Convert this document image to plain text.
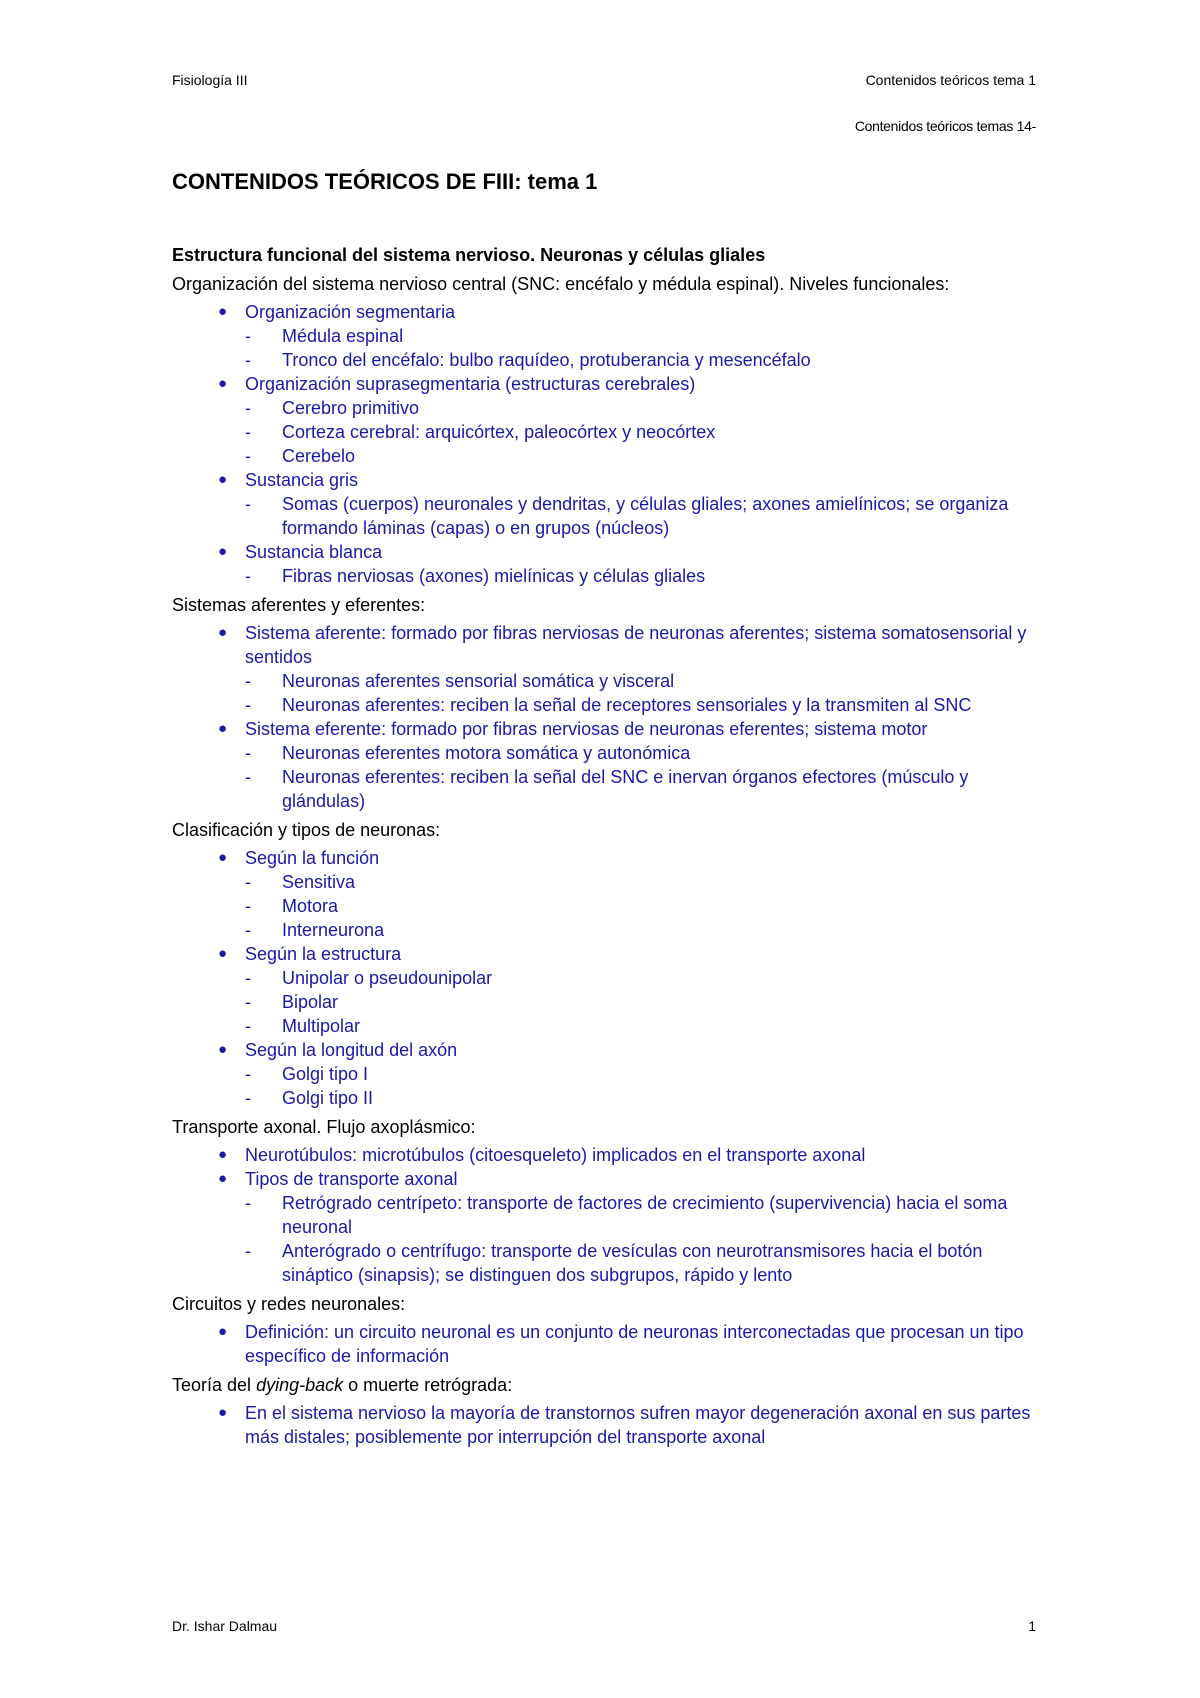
Fisiología III	Contenidos teóricos tema 1
Contenidos teóricos temas 14-
CONTENIDOS TEÓRICOS DE FIII: tema 1
Estructura funcional del sistema nervioso. Neuronas y células gliales

Organización del sistema nervioso central (SNC: encéfalo y médula espinal). Niveles funcionales:

● Organización segmentaria
- Médula espinal
- Tronco del encéfalo: bulbo raquídeo, protuberancia y mesencéfalo
● Organización suprasegmentaria (estructuras cerebrales)
- Cerebro primitivo
- Corteza cerebral: arquicórtex, paleocórtex y neocórtex
- Cerebelo
● Sustancia gris
- Somas (cuerpos) neuronales y dendritas, y células gliales; axones amielínicos; se organiza formando láminas (capas) o en grupos (núcleos)
● Sustancia blanca
- Fibras nerviosas (axones) mielínicas y células gliales

Sistemas aferentes y eferentes:

● Sistema aferente: formado por fibras nerviosas de neuronas aferentes; sistema somatosensorial y sentidos
- Neuronas aferentes sensorial somática y visceral
- Neuronas aferentes: reciben la señal de receptores sensoriales y la transmiten al SNC
● Sistema eferente: formado por fibras nerviosas de neuronas eferentes; sistema motor
- Neuronas eferentes motora somática y autonómica
- Neuronas eferentes: reciben la señal del SNC e inervan órganos efectores (músculo y glándulas)

Clasificación y tipos de neuronas:

● Según la función
- Sensitiva
- Motora
- Interneurona
● Según la estructura
- Unipolar o pseudounipolar
- Bipolar
- Multipolar
● Según la longitud del axón
- Golgi tipo I
- Golgi tipo II

Transporte axonal. Flujo axoplásmico:

● Neurotúbulos: microtúbulos (citoesqueleto) implicados en el transporte axonal
● Tipos de transporte axonal
- Retrógrado centrípeto: transporte de factores de crecimiento (supervivencia) hacia el soma neuronal
- Anterógrado o centrífugo: transporte de vesículas con neurotransmisores hacia el botón sináptico (sinapsis); se distinguen dos subgrupos, rápido y lento

Circuitos y redes neuronales:

● Definición: un circuito neuronal es un conjunto de neuronas interconectadas que procesan un tipo específico de información

Teoría del dying-back o muerte retrógrada:

● En el sistema nervioso la mayoría de transtornos sufren mayor degeneración axonal en sus partes más distales; posiblemente por interrupción del transporte axonal
Dr. Ishar Dalmau	1
